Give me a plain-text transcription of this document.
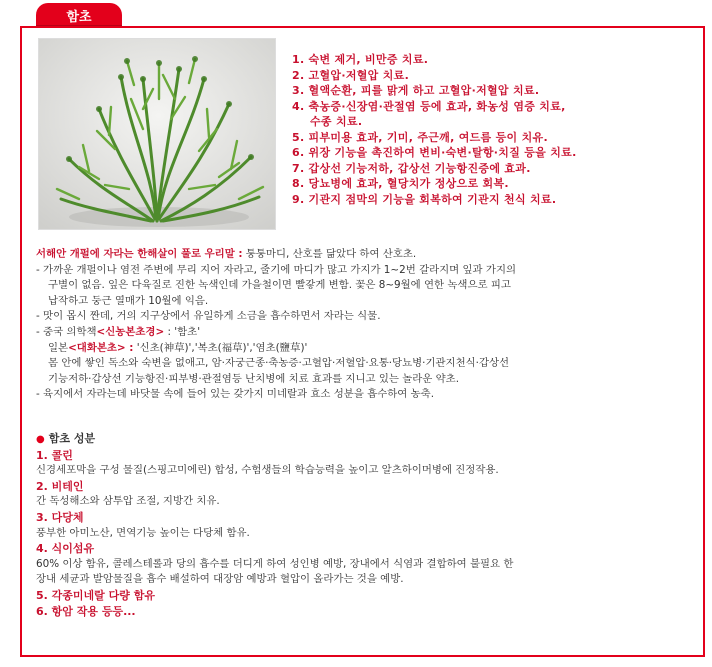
함초
1. 숙변 제거, 비만증 치료.
2. 고혈압·저혈압 치료.
3. 혈액순환, 피를 맑게 하고 고혈압·저혈압 치료.
4. 축농증·신장염·관절염 등에 효과, 화농성 염증 치료,
수종 치료.
5. 피부미용 효과, 기미, 주근깨, 여드름 등이 치유.
6. 위장 기능을 촉진하여 변비·숙변·탈항·치질 등을 치료.
7. 갑상선 기능저하, 갑상선 기능항진증에 효과.
8. 당뇨병에 효과, 혈당치가 정상으로 회복.
9. 기관지 점막의 기능을 회복하여 기관지 천식 치료.

서해안 개펄에 자라는 한해살이 풀로 우리말 : 퉁퉁마디, 산호를 닮았다 하여 산호초.

- 가까운 개펄이나 염전 주변에 무리 지어 자라고, 줄기에 마디가 많고 가지가 1~2번 갈라지며 잎과 가지의

구별이 없음. 잎은 다육질로 진한 녹색인데 가을철이면 빨갛게 변함. 꽃은 8~9월에 연한 녹색으로 피고

납작하고 둥근 열매가 10월에 익음.

- 맛이 몹시 짠데, 거의 지구상에서 유일하게 소금을 흡수하면서 자라는 식물.

- 중국 의학책<신농본초경> : '함초'

일본<대화본초> : '신초(神草)','복초(福草)','염초(鹽草)'

몸 안에 쌓인 독소와 숙변을 없애고, 암·자궁근종·축농증·고혈압·저혈압·요통·당뇨병·기관지천식·갑상선

기능저하·갑상선 기능항진·피부병·관절염등 난치병에 치료 효과를 지니고 있는 놀라운 약초.

- 육지에서 자라는데 바닷물 속에 들어 있는 갖가지 미네랄과 효소 성분을 흡수하여 농축.

● 함초 성분

1. 콜린

신경세포막을 구성 물질(스핑고미에린) 합성, 수험생들의 학습능력을 높이고 알츠하이머병에 진정작용.

2. 비테인

간 독성해소와 삼투압 조절, 지방간 치유.

3. 다당체

풍부한 아미노산, 면역기능 높이는 다당체 함유.

4. 식이섬유

60% 이상 함유, 콜레스테롤과 당의 흡수를 더디게 하여 성인병 예방, 장내에서 식염과 결합하여 불필요 한

장내 세균과 발암물질을 흡수 배설하여 대장암 예방과 혈압이 올라가는 것을 예방.

5. 각종미네랄 다량 함유

6. 항암 작용 등등...
